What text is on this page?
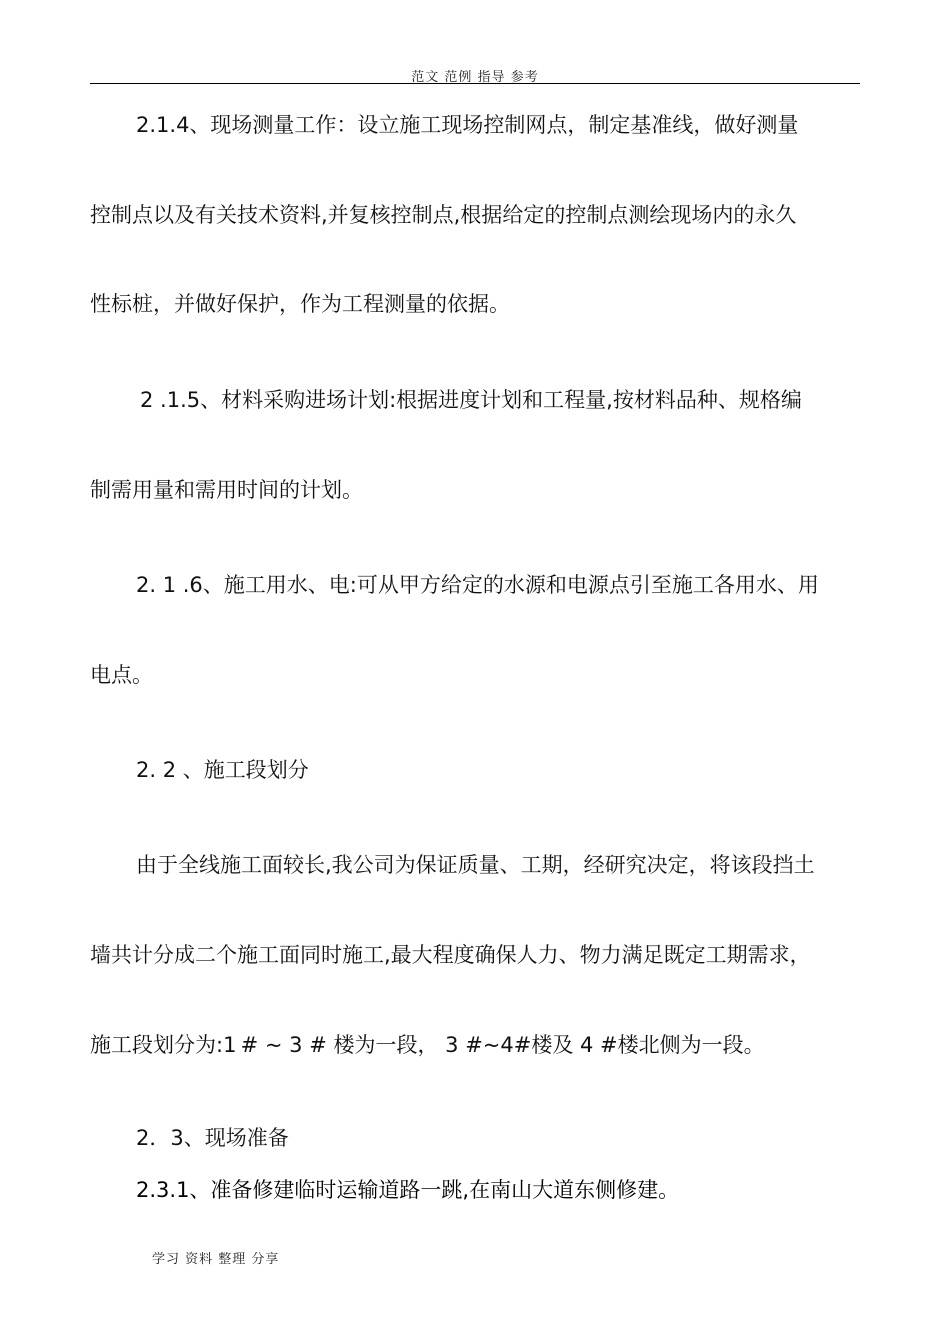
范文 范例 指导 参考
2.1.4、现场测量工作：设立施工现场控制网点，制定基准线，做好测量
控制点以及有关技术资料,并复核控制点,根据给定的控制点测绘现场内的永久
性标桩，并做好保护，作为工程测量的依据。
2 .1.5、材料采购进场计划:根据进度计划和工程量,按材料品种、规格编
制需用量和需用时间的计划。
2. 1 .6、施工用水、电:可从甲方给定的水源和电源点引至施工各用水、用
电点。
2. 2 、施工段划分
由于全线施工面较长,我公司为保证质量、工期，经研究决定，将该段挡土
墙共计分成二个施工面同时施工,最大程度确保人力、物力满足既定工期需求，
施工段划分为:1 # ~ 3 # 楼为一段， 3 #~4#楼及 4 #楼北侧为一段。
2．3、现场准备
2.3.1、准备修建临时运输道路一跳,在南山大道东侧修建。
学习 资料 整理 分享
